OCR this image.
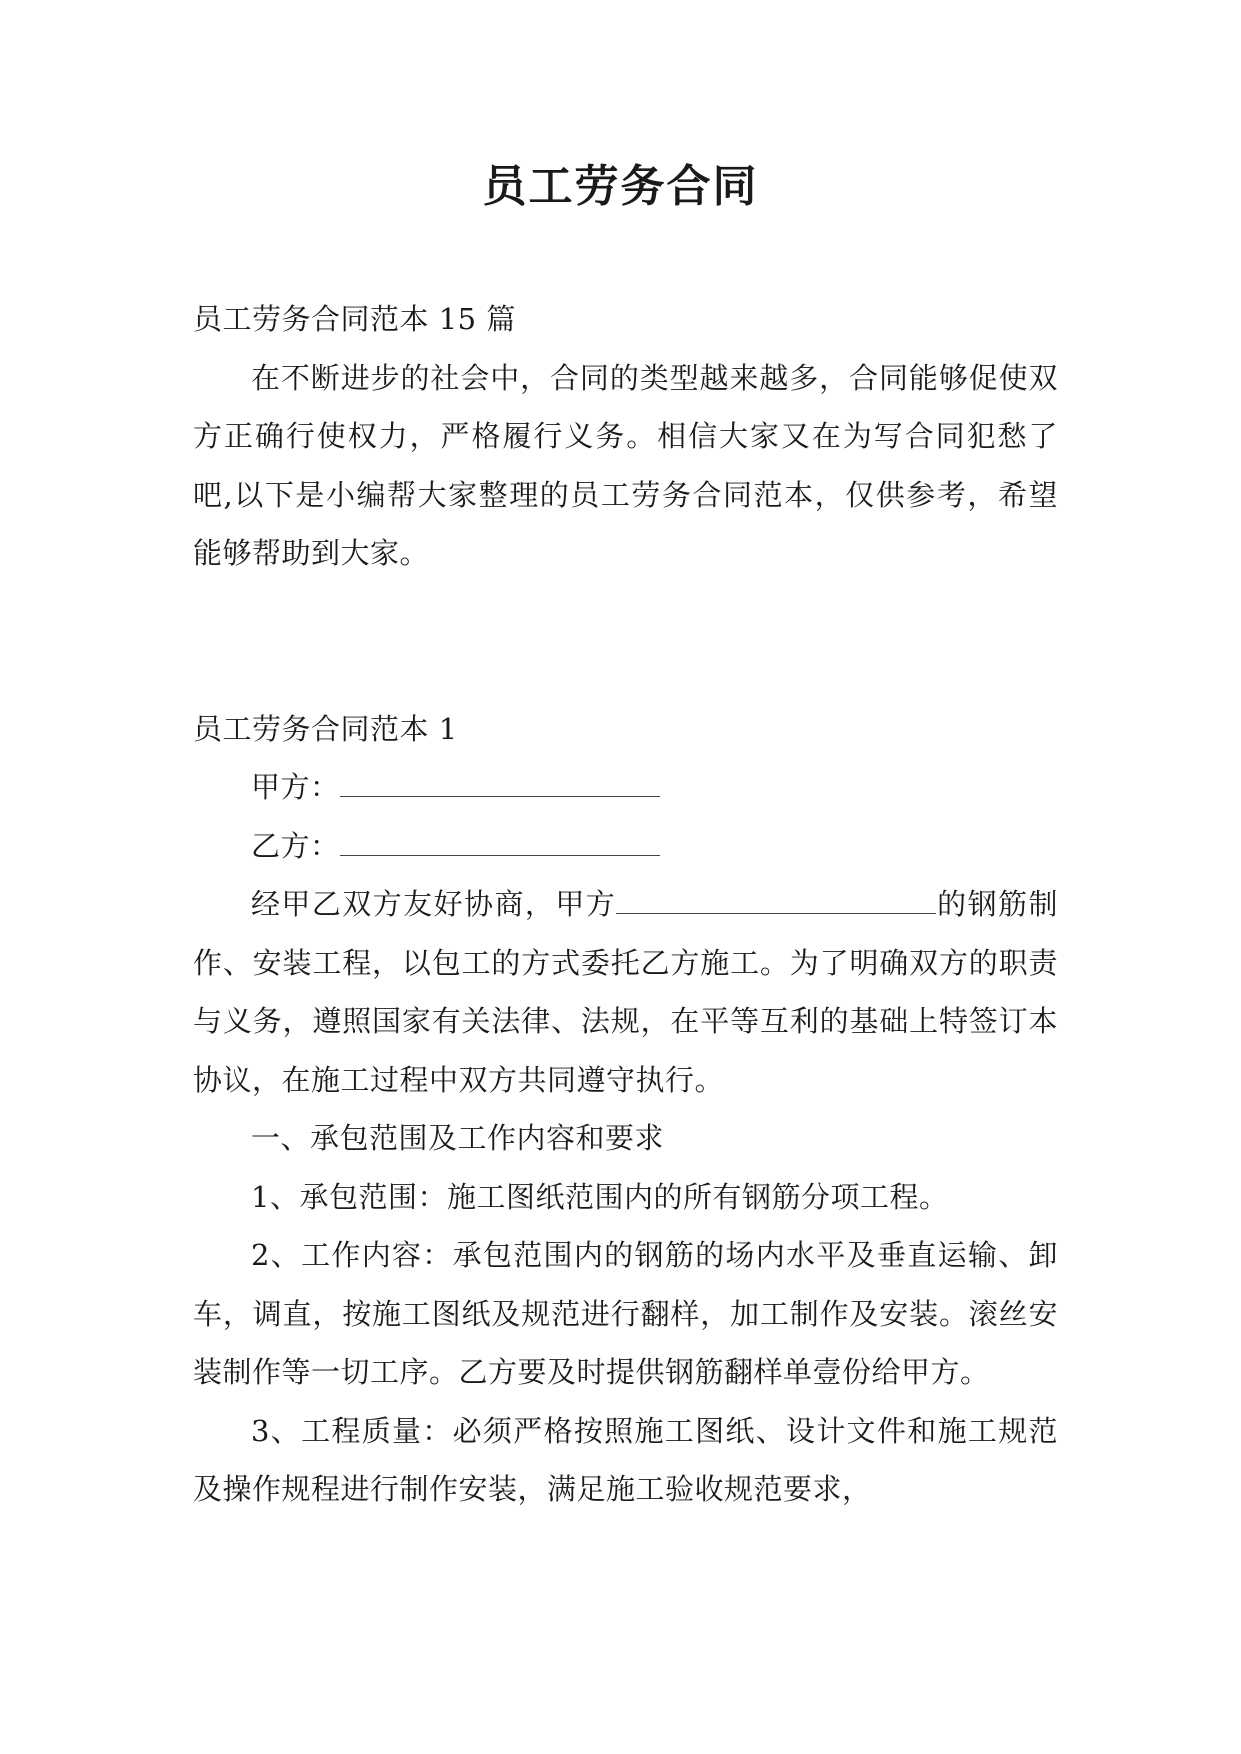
员工劳务合同

员工劳务合同范本 15 篇

在不断进步的社会中，合同的类型越来越多，合同能够促使双方正确行使权力，严格履行义务。相信大家又在为写合同犯愁了吧,以下是小编帮大家整理的员工劳务合同范本，仅供参考，希望能够帮助到大家。

员工劳务合同范本 1

甲方：

乙方：

经甲乙双方友好协商，甲方	的钢筋制作、安装工程，以包工的方式委托乙方施工。为了明确双方的职责与义务，遵照国家有关法律、法规，在平等互利的基础上特签订本协议，在施工过程中双方共同遵守执行。

一、承包范围及工作内容和要求

1、承包范围：施工图纸范围内的所有钢筋分项工程。

2、工作内容：承包范围内的钢筋的场内水平及垂直运输、卸车，调直，按施工图纸及规范进行翻样，加工制作及安装。滚丝安装制作等一切工序。乙方要及时提供钢筋翻样单壹份给甲方。

3、工程质量：必须严格按照施工图纸、设计文件和施工规范及操作规程进行制作安装，满足施工验收规范要求，
